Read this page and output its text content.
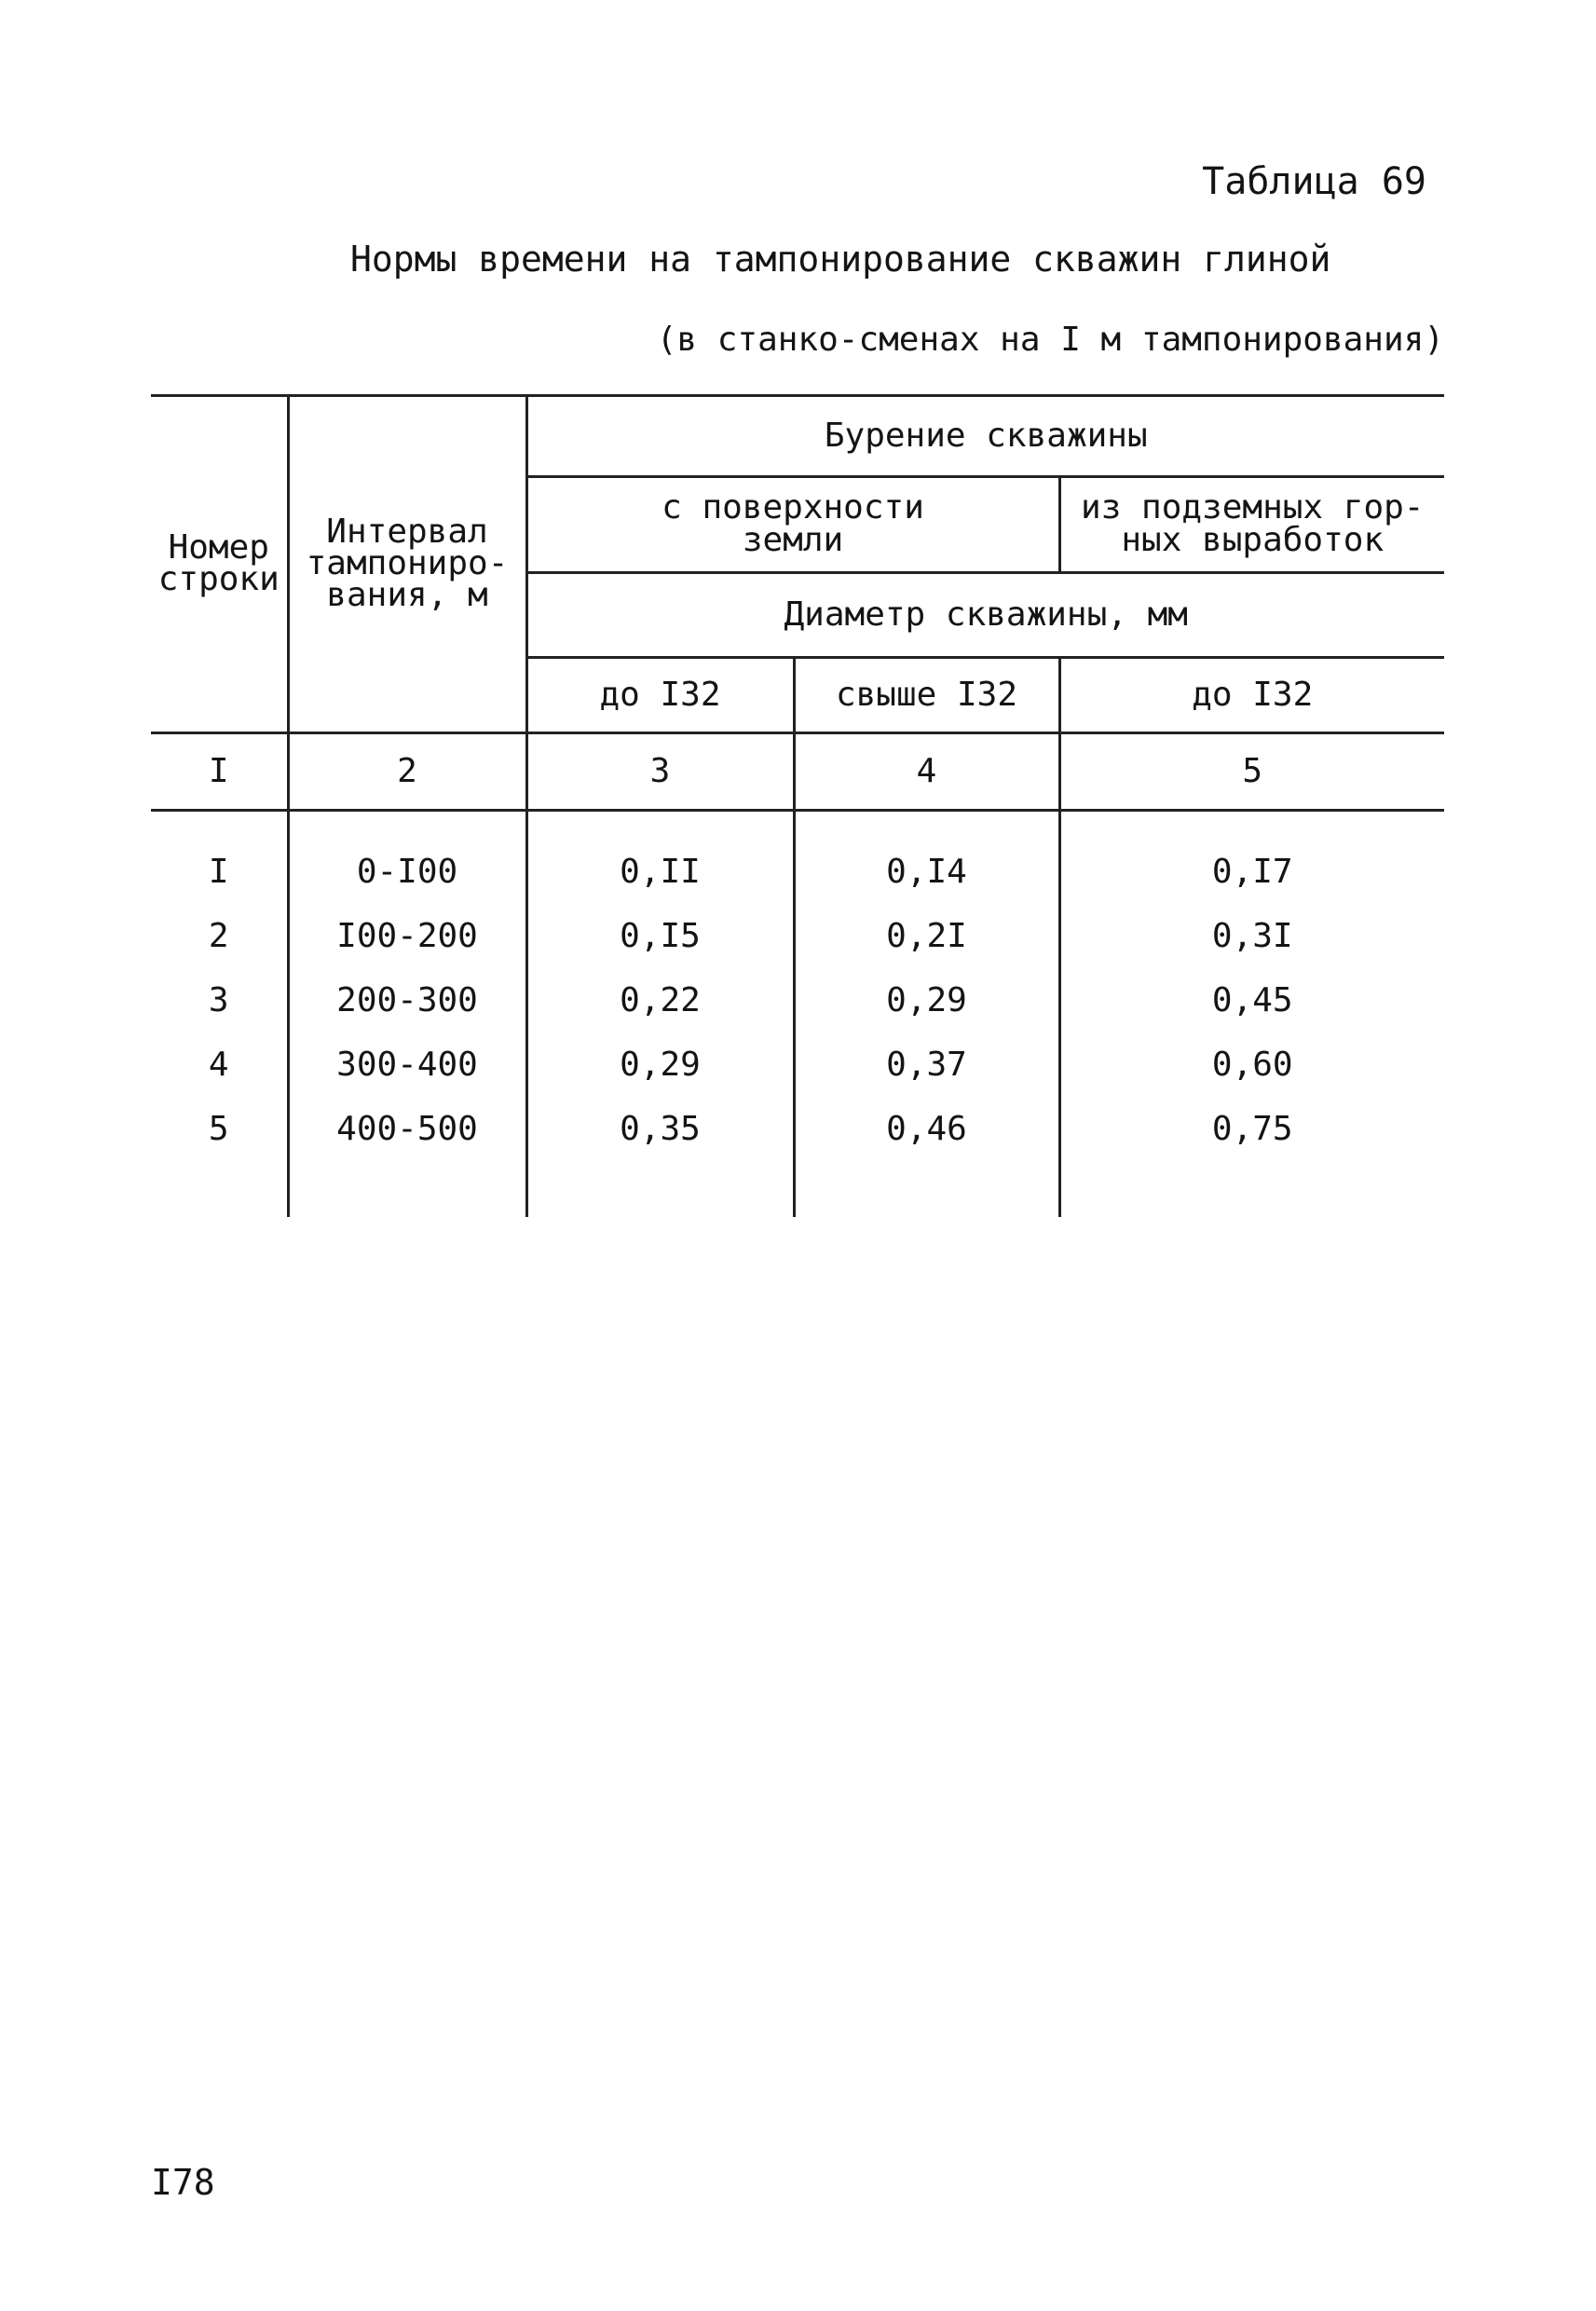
Таблица 69
Нормы времени на тампонирование скважин глиной
(в станко-сменах на I м тампонирования)
Номер строки	Интервал тампониро-вания, м	Бурение скважины		
		с поверхности земли		из подземных гор-ных выработок
		Диаметр скважины, мм		
		до I32	свыше I32	до I32
I	2	3	4	5
I	0-I00	0,II	0,I4	0,I7
2	I00-200	0,I5	0,2I	0,3I
3	200-300	0,22	0,29	0,45
4	300-400	0,29	0,37	0,60
5	400-500	0,35	0,46	0,75

I78
